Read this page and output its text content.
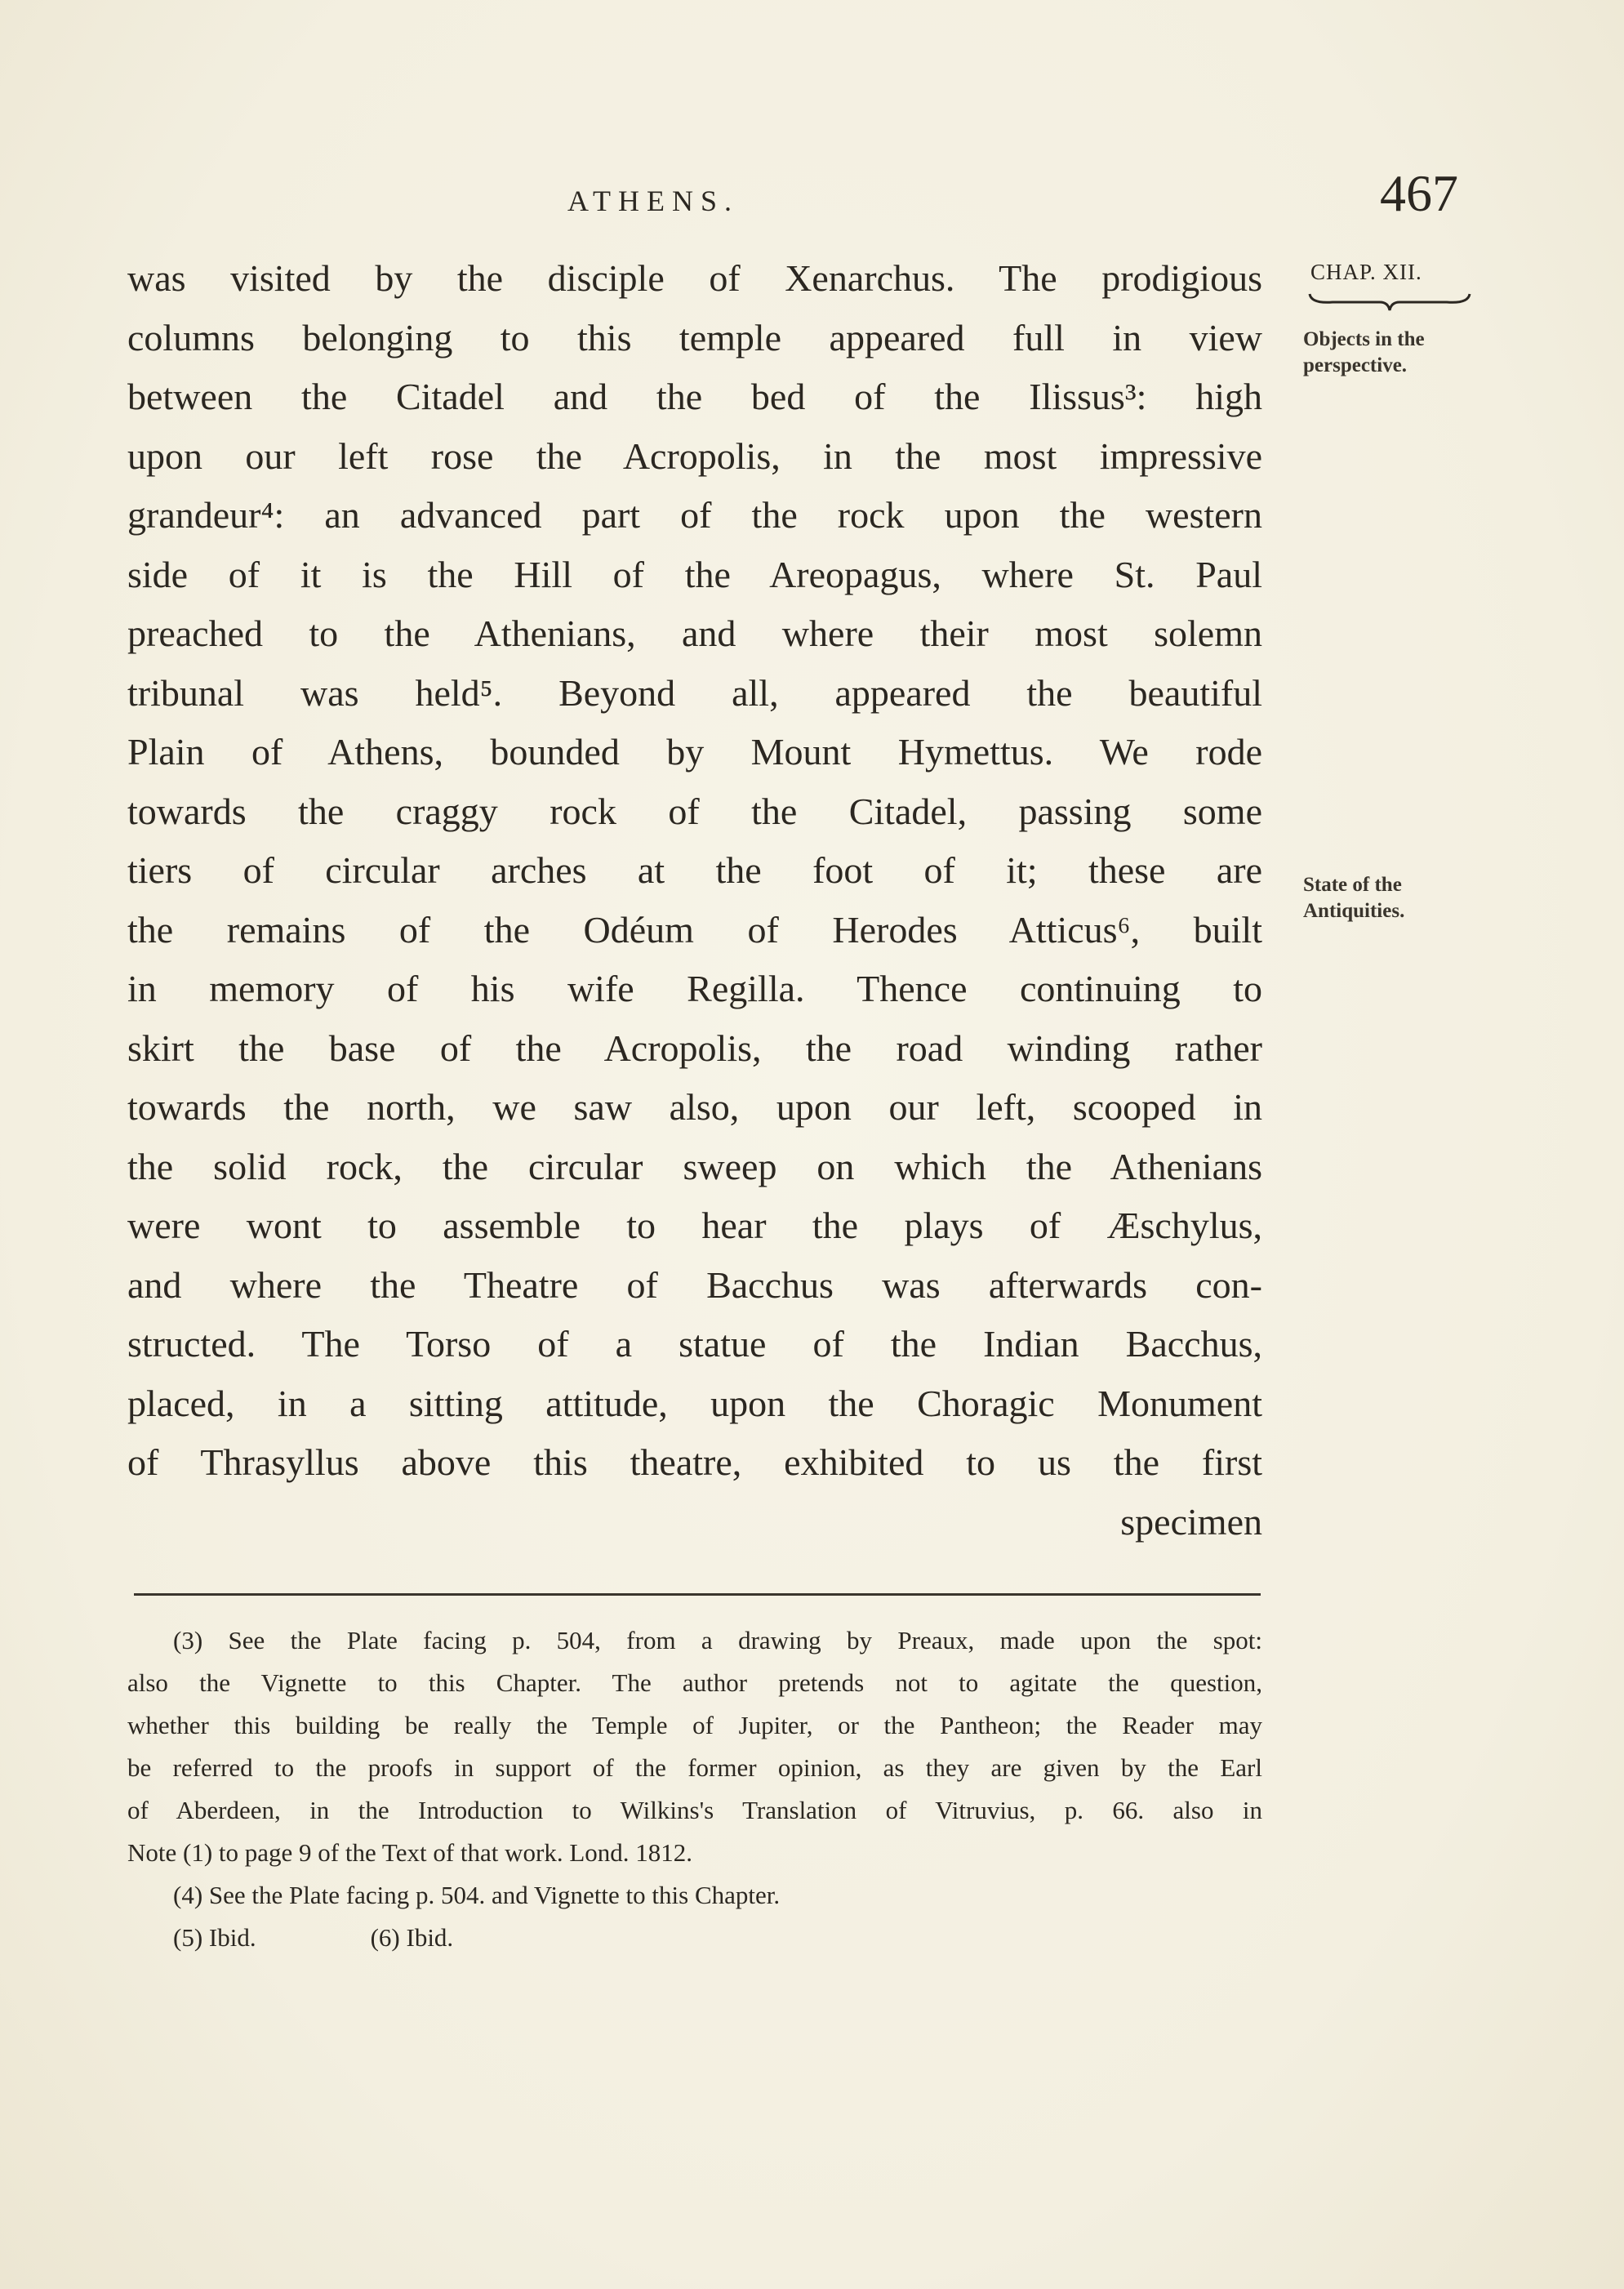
ATHENS.	467
CHAP. XII.
Objects in the
perspective.
State of the
Antiquities.
was visited by the disciple of Xenarchus. The prodigious
columns belonging to this temple appeared full in view
between the Citadel and the bed of the Ilissus³: high
upon our left rose the Acropolis, in the most impressive
grandeur⁴: an advanced part of the rock upon the western
side of it is the Hill of the Areopagus, where St. Paul
preached to the Athenians, and where their most solemn
tribunal was held⁵. Beyond all, appeared the beautiful
Plain of Athens, bounded by Mount Hymettus. We rode
towards the craggy rock of the Citadel, passing some
tiers of circular arches at the foot of it; these are
the remains of the Odéum of Herodes Atticus⁶, built
in memory of his wife Regilla. Thence continuing to
skirt the base of the Acropolis, the road winding rather
towards the north, we saw also, upon our left, scooped in
the solid rock, the circular sweep on which the Athenians
were wont to assemble to hear the plays of Æschylus,
and where the Theatre of Bacchus was afterwards con-
structed. The Torso of a statue of the Indian Bacchus,
placed, in a sitting attitude, upon the Choragic Monument
of Thrasyllus above this theatre, exhibited to us the first
specimen
(3) See the Plate facing p. 504, from a drawing by Preaux, made upon the spot:
also the Vignette to this Chapter. The author pretends not to agitate the question,
whether this building be really the Temple of Jupiter, or the Pantheon; the Reader may
be referred to the proofs in support of the former opinion, as they are given by the Earl
of Aberdeen, in the Introduction to Wilkins's Translation of Vitruvius, p. 66. also in
Note (1) to page 9 of the Text of that work. Lond. 1812.
(4) See the Plate facing p. 504. and Vignette to this Chapter.
(5) Ibid.	(6) Ibid.
